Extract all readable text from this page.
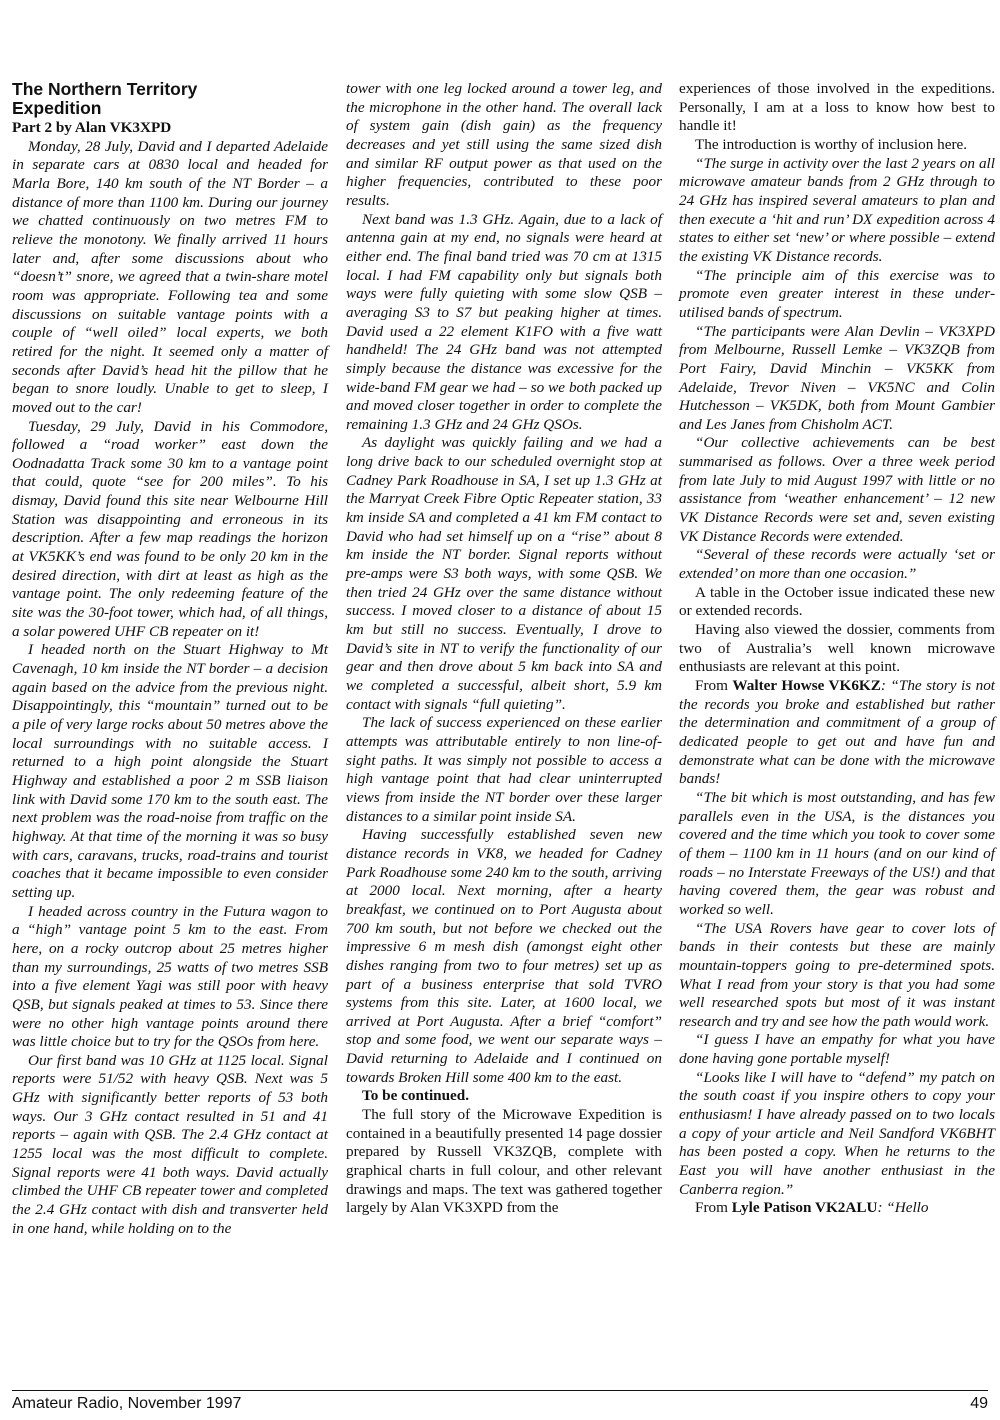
The Northern Territory
Expedition

Part 2 by Alan VK3XPD

Monday, 28 July, David and I departed Adelaide in separate cars at 0830 local and headed for Marla Bore, 140 km south of the NT Border – a distance of more than 1100 km. During our journey we chatted continuously on two metres FM to relieve the monotony. We finally arrived 11 hours later and, after some discussions about who “doesn’t” snore, we agreed that a twin-share motel room was appropriate. Following tea and some discussions on suitable vantage points with a couple of “well oiled” local experts, we both retired for the night. It seemed only a matter of seconds after David’s head hit the pillow that he began to snore loudly. Unable to get to sleep, I moved out to the car!

Tuesday, 29 July, David in his Commodore, followed a “road worker” east down the Oodnadatta Track some 30 km to a vantage point that could, quote “see for 200 miles”. To his dismay, David found this site near Welbourne Hill Station was disappointing and erroneous in its description. After a few map readings the horizon at VK5KK’s end was found to be only 20 km in the desired direction, with dirt at least as high as the vantage point. The only redeeming feature of the site was the 30-foot tower, which had, of all things, a solar powered UHF CB repeater on it!

I headed north on the Stuart Highway to Mt Cavenagh, 10 km inside the NT border – a decision again based on the advice from the previous night. Disappointingly, this “mountain” turned out to be a pile of very large rocks about 50 metres above the local surroundings with no suitable access. I returned to a high point alongside the Stuart Highway and established a poor 2 m SSB liaison link with David some 170 km to the south east. The next problem was the road-noise from traffic on the highway. At that time of the morning it was so busy with cars, caravans, trucks, road-trains and tourist coaches that it became impossible to even consider setting up.

I headed across country in the Futura wagon to a “high” vantage point 5 km to the east. From here, on a rocky outcrop about 25 metres higher than my surroundings, 25 watts of two metres SSB into a five element Yagi was still poor with heavy QSB, but signals peaked at times to 53. Since there were no other high vantage points around there was little choice but to try for the QSOs from here.

Our first band was 10 GHz at 1125 local. Signal reports were 51/52 with heavy QSB. Next was 5 GHz with significantly better reports of 53 both ways. Our 3 GHz contact resulted in 51 and 41 reports – again with QSB. The 2.4 GHz contact at 1255 local was the most difficult to complete. Signal reports were 41 both ways. David actually climbed the UHF CB repeater tower and completed the 2.4 GHz contact with dish and transverter held in one hand, while holding on to the

tower with one leg locked around a tower leg, and the microphone in the other hand. The overall lack of system gain (dish gain) as the frequency decreases and yet still using the same sized dish and similar RF output power as that used on the higher frequencies, contributed to these poor results.

Next band was 1.3 GHz. Again, due to a lack of antenna gain at my end, no signals were heard at either end. The final band tried was 70 cm at 1315 local. I had FM capability only but signals both ways were fully quieting with some slow QSB – averaging S3 to S7 but peaking higher at times. David used a 22 element K1FO with a five watt handheld! The 24 GHz band was not attempted simply because the distance was excessive for the wide-band FM gear we had – so we both packed up and moved closer together in order to complete the remaining 1.3 GHz and 24 GHz QSOs.

As daylight was quickly failing and we had a long drive back to our scheduled overnight stop at Cadney Park Roadhouse in SA, I set up 1.3 GHz at the Marryat Creek Fibre Optic Repeater station, 33 km inside SA and completed a 41 km FM contact to David who had set himself up on a “rise” about 8 km inside the NT border. Signal reports without pre-amps were S3 both ways, with some QSB. We then tried 24 GHz over the same distance without success. I moved closer to a distance of about 15 km but still no success. Eventually, I drove to David’s site in NT to verify the functionality of our gear and then drove about 5 km back into SA and we completed a successful, albeit short, 5.9 km contact with signals “full quieting”.

The lack of success experienced on these earlier attempts was attributable entirely to non line-of-sight paths. It was simply not possible to access a high vantage point that had clear uninterrupted views from inside the NT border over these larger distances to a similar point inside SA.

Having successfully established seven new distance records in VK8, we headed for Cadney Park Roadhouse some 240 km to the south, arriving at 2000 local. Next morning, after a hearty breakfast, we continued on to Port Augusta about 700 km south, but not before we checked out the impressive 6 m mesh dish (amongst eight other dishes ranging from two to four metres) set up as part of a business enterprise that sold TVRO systems from this site. Later, at 1600 local, we arrived at Port Augusta. After a brief “comfort” stop and some food, we went our separate ways – David returning to Adelaide and I continued on towards Broken Hill some 400 km to the east.

To be continued.

The full story of the Microwave Expedition is contained in a beautifully presented 14 page dossier prepared by Russell VK3ZQB, complete with graphical charts in full colour, and other relevant drawings and maps. The text was gathered together largely by Alan VK3XPD from the

experiences of those involved in the expeditions. Personally, I am at a loss to know how best to handle it!

The introduction is worthy of inclusion here.

“The surge in activity over the last 2 years on all microwave amateur bands from 2 GHz through to 24 GHz has inspired several amateurs to plan and then execute a ‘hit and run’ DX expedition across 4 states to either set ‘new’ or where possible – extend the existing VK Distance records.

“The principle aim of this exercise was to promote even greater interest in these under-utilised bands of spectrum.

“The participants were Alan Devlin – VK3XPD from Melbourne, Russell Lemke – VK3ZQB from Port Fairy, David Minchin – VK5KK from Adelaide, Trevor Niven – VK5NC and Colin Hutchesson – VK5DK, both from Mount Gambier and Les Janes from Chisholm ACT.

“Our collective achievements can be best summarised as follows. Over a three week period from late July to mid August 1997 with little or no assistance from ‘weather enhancement’ – 12 new VK Distance Records were set and, seven existing VK Distance Records were extended.

“Several of these records were actually ‘set or extended’ on more than one occasion.”

A table in the October issue indicated these new or extended records.

Having also viewed the dossier, comments from two of Australia’s well known microwave enthusiasts are relevant at this point.

From Walter Howse VK6KZ: “The story is not the records you broke and established but rather the determination and commitment of a group of dedicated people to get out and have fun and demonstrate what can be done with the microwave bands!

“The bit which is most outstanding, and has few parallels even in the USA, is the distances you covered and the time which you took to cover some of them – 1100 km in 11 hours (and on our kind of roads – no Interstate Freeways of the US!) and that having covered them, the gear was robust and worked so well.

“The USA Rovers have gear to cover lots of bands in their contests but these are mainly mountain-toppers going to pre-determined spots. What I read from your story is that you had some well researched spots but most of it was instant research and try and see how the path would work.

“I guess I have an empathy for what you have done having gone portable myself!

“Looks like I will have to “defend” my patch on the south coast if you inspire others to copy your enthusiasm! I have already passed on to two locals a copy of your article and Neil Sandford VK6BHT has been posted a copy. When he returns to the East you will have another enthusiast in the Canberra region.”

From Lyle Patison VK2ALU: “Hello

Amateur Radio, November 1997	49
